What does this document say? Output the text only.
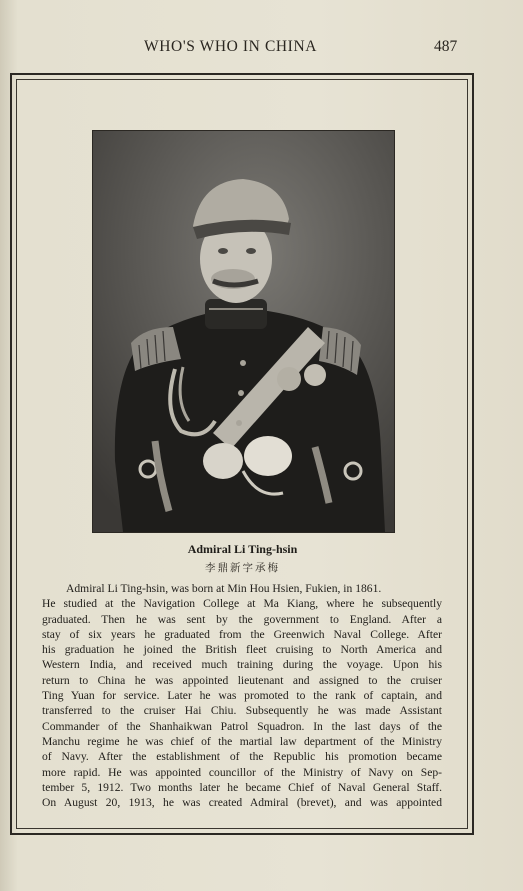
WHO'S WHO IN CHINA	487
Admiral Li Ting-hsin
李鼎新字承梅
Admiral Li Ting-hsin, was born at Min Hou Hsien, Fukien, in 1861.
He studied at the Navigation College at Ma Kiang, where he subsequently
graduated. Then he was sent by the government to England. After a
stay of six years he graduated from the Greenwich Naval College. After
his graduation he joined the British fleet cruising to North America and
Western India, and received much training during the voyage. Upon his
return to China he was appointed lieutenant and assigned to the cruiser
Ting Yuan for service. Later he was promoted to the rank of captain, and
transferred to the cruiser Hai Chiu. Subsequently he was made Assistant
Commander of the Shanhaikwan Patrol Squadron. In the last days of the
Manchu regime he was chief of the martial law department of the Ministry
of Navy. After the establishment of the Republic his promotion became
more rapid. He was appointed councillor of the Ministry of Navy on Sep-
tember 5, 1912. Two months later he became Chief of Naval General Staff.
On August 20, 1913, he was created Admiral (brevet), and was appointed
